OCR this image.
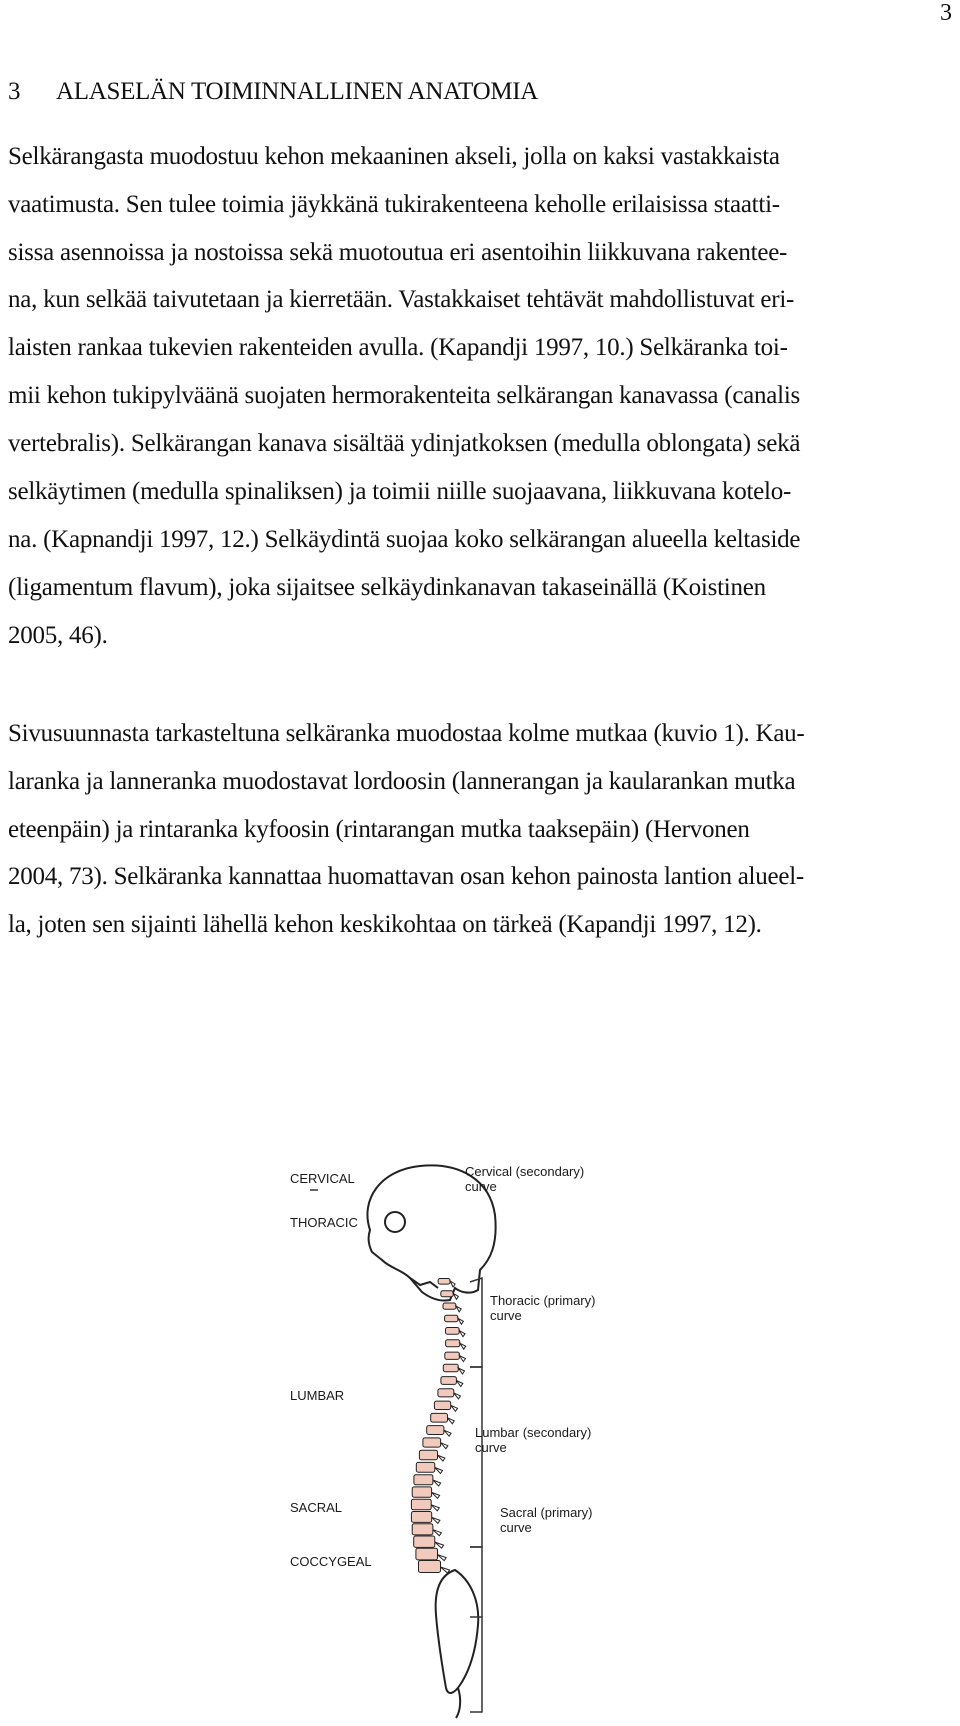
3
3 ALASELÄN TOIMINNALLINEN ANATOMIA
Selkärangasta muodostuu kehon mekaaninen akseli, jolla on kaksi vastakkaista
vaatimusta. Sen tulee toimia jäykkänä tukirakenteena keholle erilaisissa staatti-
sissa asennoissa ja nostoissa sekä muotoutua eri asentoihin liikkuvana rakentee-
na, kun selkää taivutetaan ja kierretään. Vastakkaiset tehtävät mahdollistuvat eri-
laisten rankaa tukevien rakenteiden avulla. (Kapandji 1997, 10.) Selkäranka toi-
mii kehon tukipylväänä suojaten hermorakenteita selkärangan kanavassa (canalis
vertebralis). Selkärangan kanava sisältää ydinjatkoksen (medulla oblongata) sekä
selkäytimen (medulla spinaliksen) ja toimii niille suojaavana, liikkuvana kotelo-
na. (Kapnandji 1997, 12.) Selkäydintä suojaa koko selkärangan alueella keltaside
(ligamentum flavum), joka sijaitsee selkäydinkanavan takaseinällä (Koistinen
2005, 46).
Sivusuunnasta tarkasteltuna selkäranka muodostaa kolme mutkaa (kuvio 1). Kau-
laranka ja lanneranka muodostavat lordoosin (lannerangan ja kaularankan mutka
eteenpäin) ja rintaranka kyfoosin (rintarangan mutka taaksepäin) (Hervonen
2004, 73). Selkäranka kannattaa huomattavan osan kehon painosta lantion alueel-
la, joten sen sijainti lähellä kehon keskikohtaa on tärkeä (Kapandji 1997, 12).
CERVICAL
THORACIC
LUMBAR
SACRAL
COCCYGEAL
Cervical (secondary)
curve
Thoracic (primary)
curve
Lumbar (secondary)
curve
Sacral (primary)
curve
